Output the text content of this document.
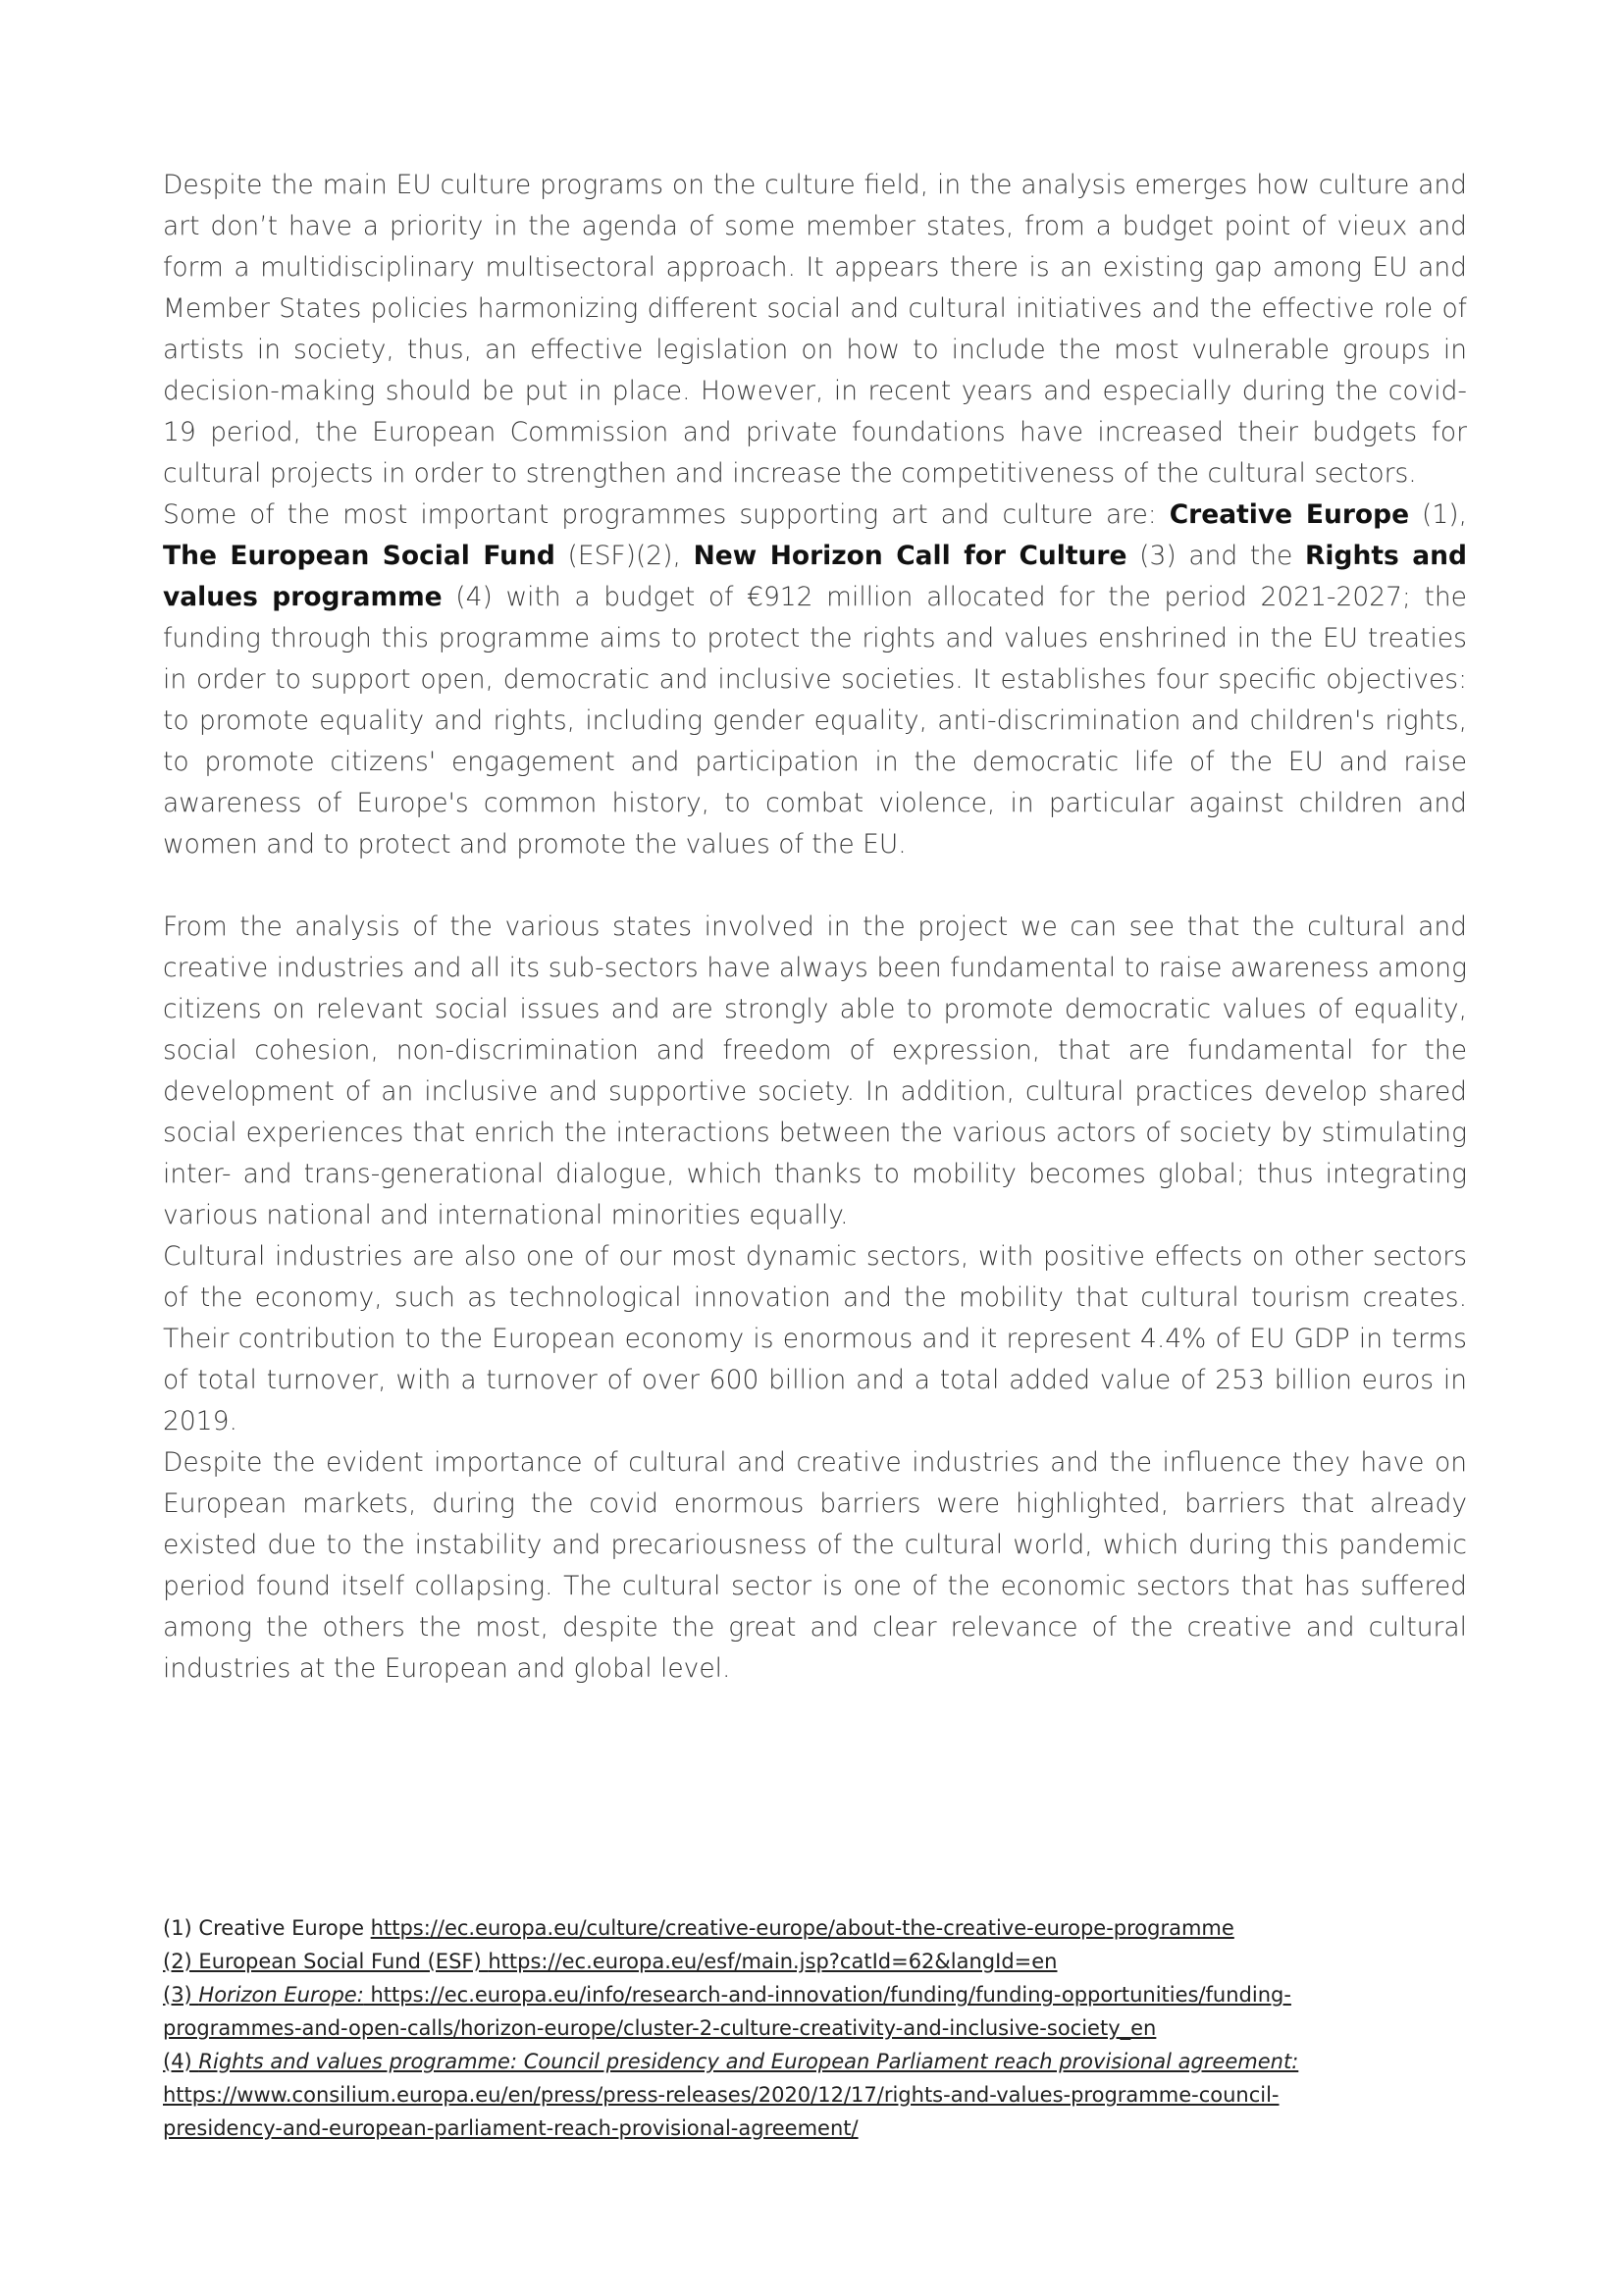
Despite the main EU culture programs on the culture field, in the analysis emerges how culture and art don’t have a priority in the agenda of some member states, from a budget point of vieux and form a multidisciplinary multisectoral approach. It appears there is an existing gap among EU and Member States policies harmonizing different social and cultural initiatives and the effective role of artists in society, thus, an effective legislation on how to include the most vulnerable groups in decision-making should be put in place. However, in recent years and especially during the covid-19 period, the European Commission and private foundations have increased their budgets for cultural projects in order to strengthen and increase the competitiveness of the cultural sectors.

Some of the most important programmes supporting art and culture are: Creative Europe (1), The European Social Fund (ESF)(2), New Horizon Call for Culture (3) and the Rights and values programme (4) with a budget of €912 million allocated for the period 2021-2027; the funding through this programme aims to protect the rights and values enshrined in the EU treaties in order to support open, democratic and inclusive societies. It establishes four specific objectives: to promote equality and rights, including gender equality, anti-discrimination and children's rights, to promote citizens' engagement and participation in the democratic life of the EU and raise awareness of Europe's common history, to combat violence, in particular against children and women and to protect and promote the values of the EU.

From the analysis of the various states involved in the project we can see that the cultural and creative industries and all its sub-sectors have always been fundamental to raise awareness among citizens on relevant social issues and are strongly able to promote democratic values of equality, social cohesion, non-discrimination and freedom of expression, that are fundamental for the development of an inclusive and supportive society. In addition, cultural practices develop shared social experiences that enrich the interactions between the various actors of society by stimulating inter- and trans-generational dialogue, which thanks to mobility becomes global; thus integrating various national and international minorities equally.

Cultural industries are also one of our most dynamic sectors, with positive effects on other sectors of the economy, such as technological innovation and the mobility that cultural tourism creates. Their contribution to the European economy is enormous and it represent 4.4% of EU GDP in terms of total turnover, with a turnover of over 600 billion and a total added value of 253 billion euros in 2019.

Despite the evident importance of cultural and creative industries and the influence they have on European markets, during the covid enormous barriers were highlighted, barriers that already existed due to the instability and precariousness of the cultural world, which during this pandemic period found itself collapsing. The cultural sector is one of the economic sectors that has suffered among the others the most, despite the great and clear relevance of the creative and cultural industries at the European and global level.

(1) Creative Europe https://ec.europa.eu/culture/creative-europe/about-the-creative-europe-programme

(2) European Social Fund (ESF) https://ec.europa.eu/esf/main.jsp?catId=62&langId=en

(3) Horizon Europe: https://ec.europa.eu/info/research-and-innovation/funding/funding-opportunities/funding-

programmes-and-open-calls/horizon-europe/cluster-2-culture-creativity-and-inclusive-society_en

(4) Rights and values programme: Council presidency and European Parliament reach provisional agreement:

https://www.consilium.europa.eu/en/press/press-releases/2020/12/17/rights-and-values-programme-council-

presidency-and-european-parliament-reach-provisional-agreement/
